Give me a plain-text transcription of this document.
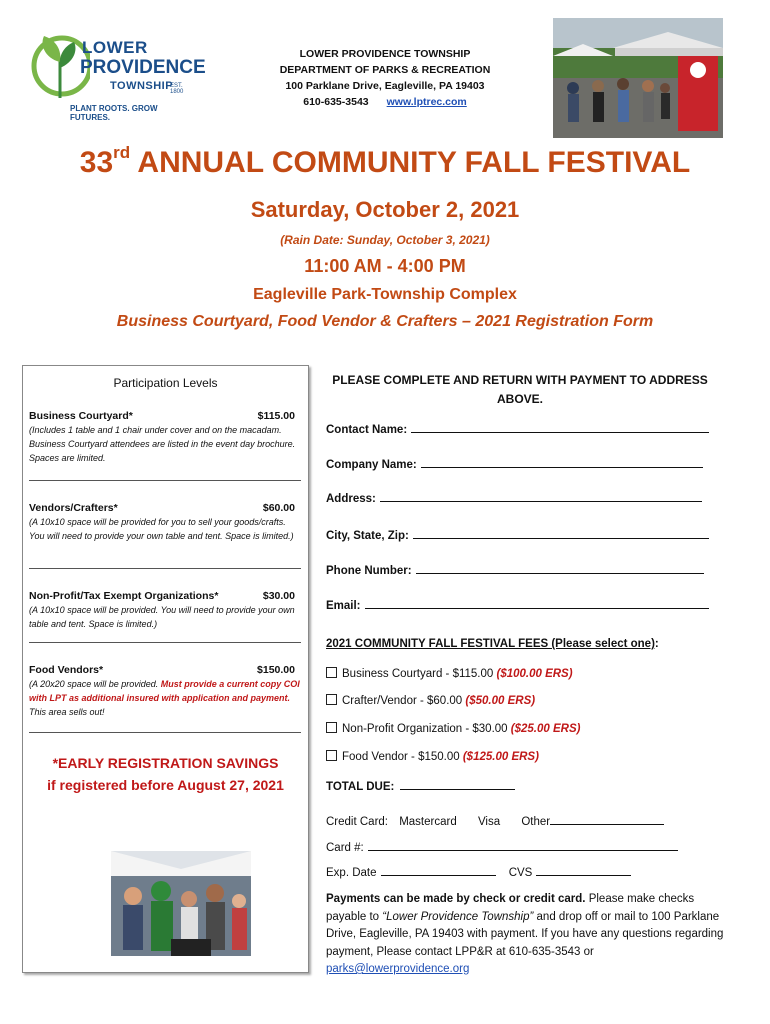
LOWER
PROVIDENCE
TOWNSHIP
EST. 1800
PLANT ROOTS. GROW FUTURES.
LOWER PROVIDENCE TOWNSHIP
DEPARTMENT OF PARKS & RECREATION
100 Parklane Drive, Eagleville, PA 19403
610-635-3543 www.lptrec.com
33rd ANNUAL COMMUNITY FALL FESTIVAL
Saturday, October 2, 2021
(Rain Date: Sunday, October 3, 2021)
11:00 AM - 4:00 PM
Eagleville Park-Township Complex
Business Courtyard, Food Vendor & Crafters – 2021 Registration Form
Participation Levels
Business Courtyard*	$115.00
(Includes 1 table and 1 chair under cover and on the macadam. Business Courtyard attendees are listed in the event day brochure. Spaces are limited.
Vendors/Crafters*	$60.00
(A 10x10 space will be provided for you to sell your goods/crafts. You will need to provide your own table and tent. Space is limited.)
Non-Profit/Tax Exempt Organizations*	$30.00
(A 10x10 space will be provided. You will need to provide your own table and tent. Space is limited.)
Food Vendors*	$150.00
(A 20x20 space will be provided. Must provide a current copy COI with LPT as additional insured with application and payment. This area sells out!
*EARLY REGISTRATION SAVINGS
if registered before August 27, 2021
PLEASE COMPLETE AND RETURN WITH PAYMENT TO ADDRESS ABOVE.
Contact Name:
Company Name:
Address:
City, State, Zip:
Phone Number:
Email:
2021 COMMUNITY FALL FESTIVAL FEES (Please select one):
Business Courtyard - $115.00 ($100.00 ERS)
Crafter/Vendor - $60.00 ($50.00 ERS)
Non-Profit Organization - $30.00 ($25.00 ERS)
Food Vendor - $150.00 ($125.00 ERS)
TOTAL DUE:
Credit Card: Mastercard Visa Other
Card #:
Exp. Date	CVS
Payments can be made by check or credit card. Please make checks payable to “Lower Providence Township” and drop off or mail to 100 Parklane Drive, Eagleville, PA 19403 with payment. If you have any questions regarding payment, Please contact LPP&R at 610-635-3543 or parks@lowerprovidence.org
